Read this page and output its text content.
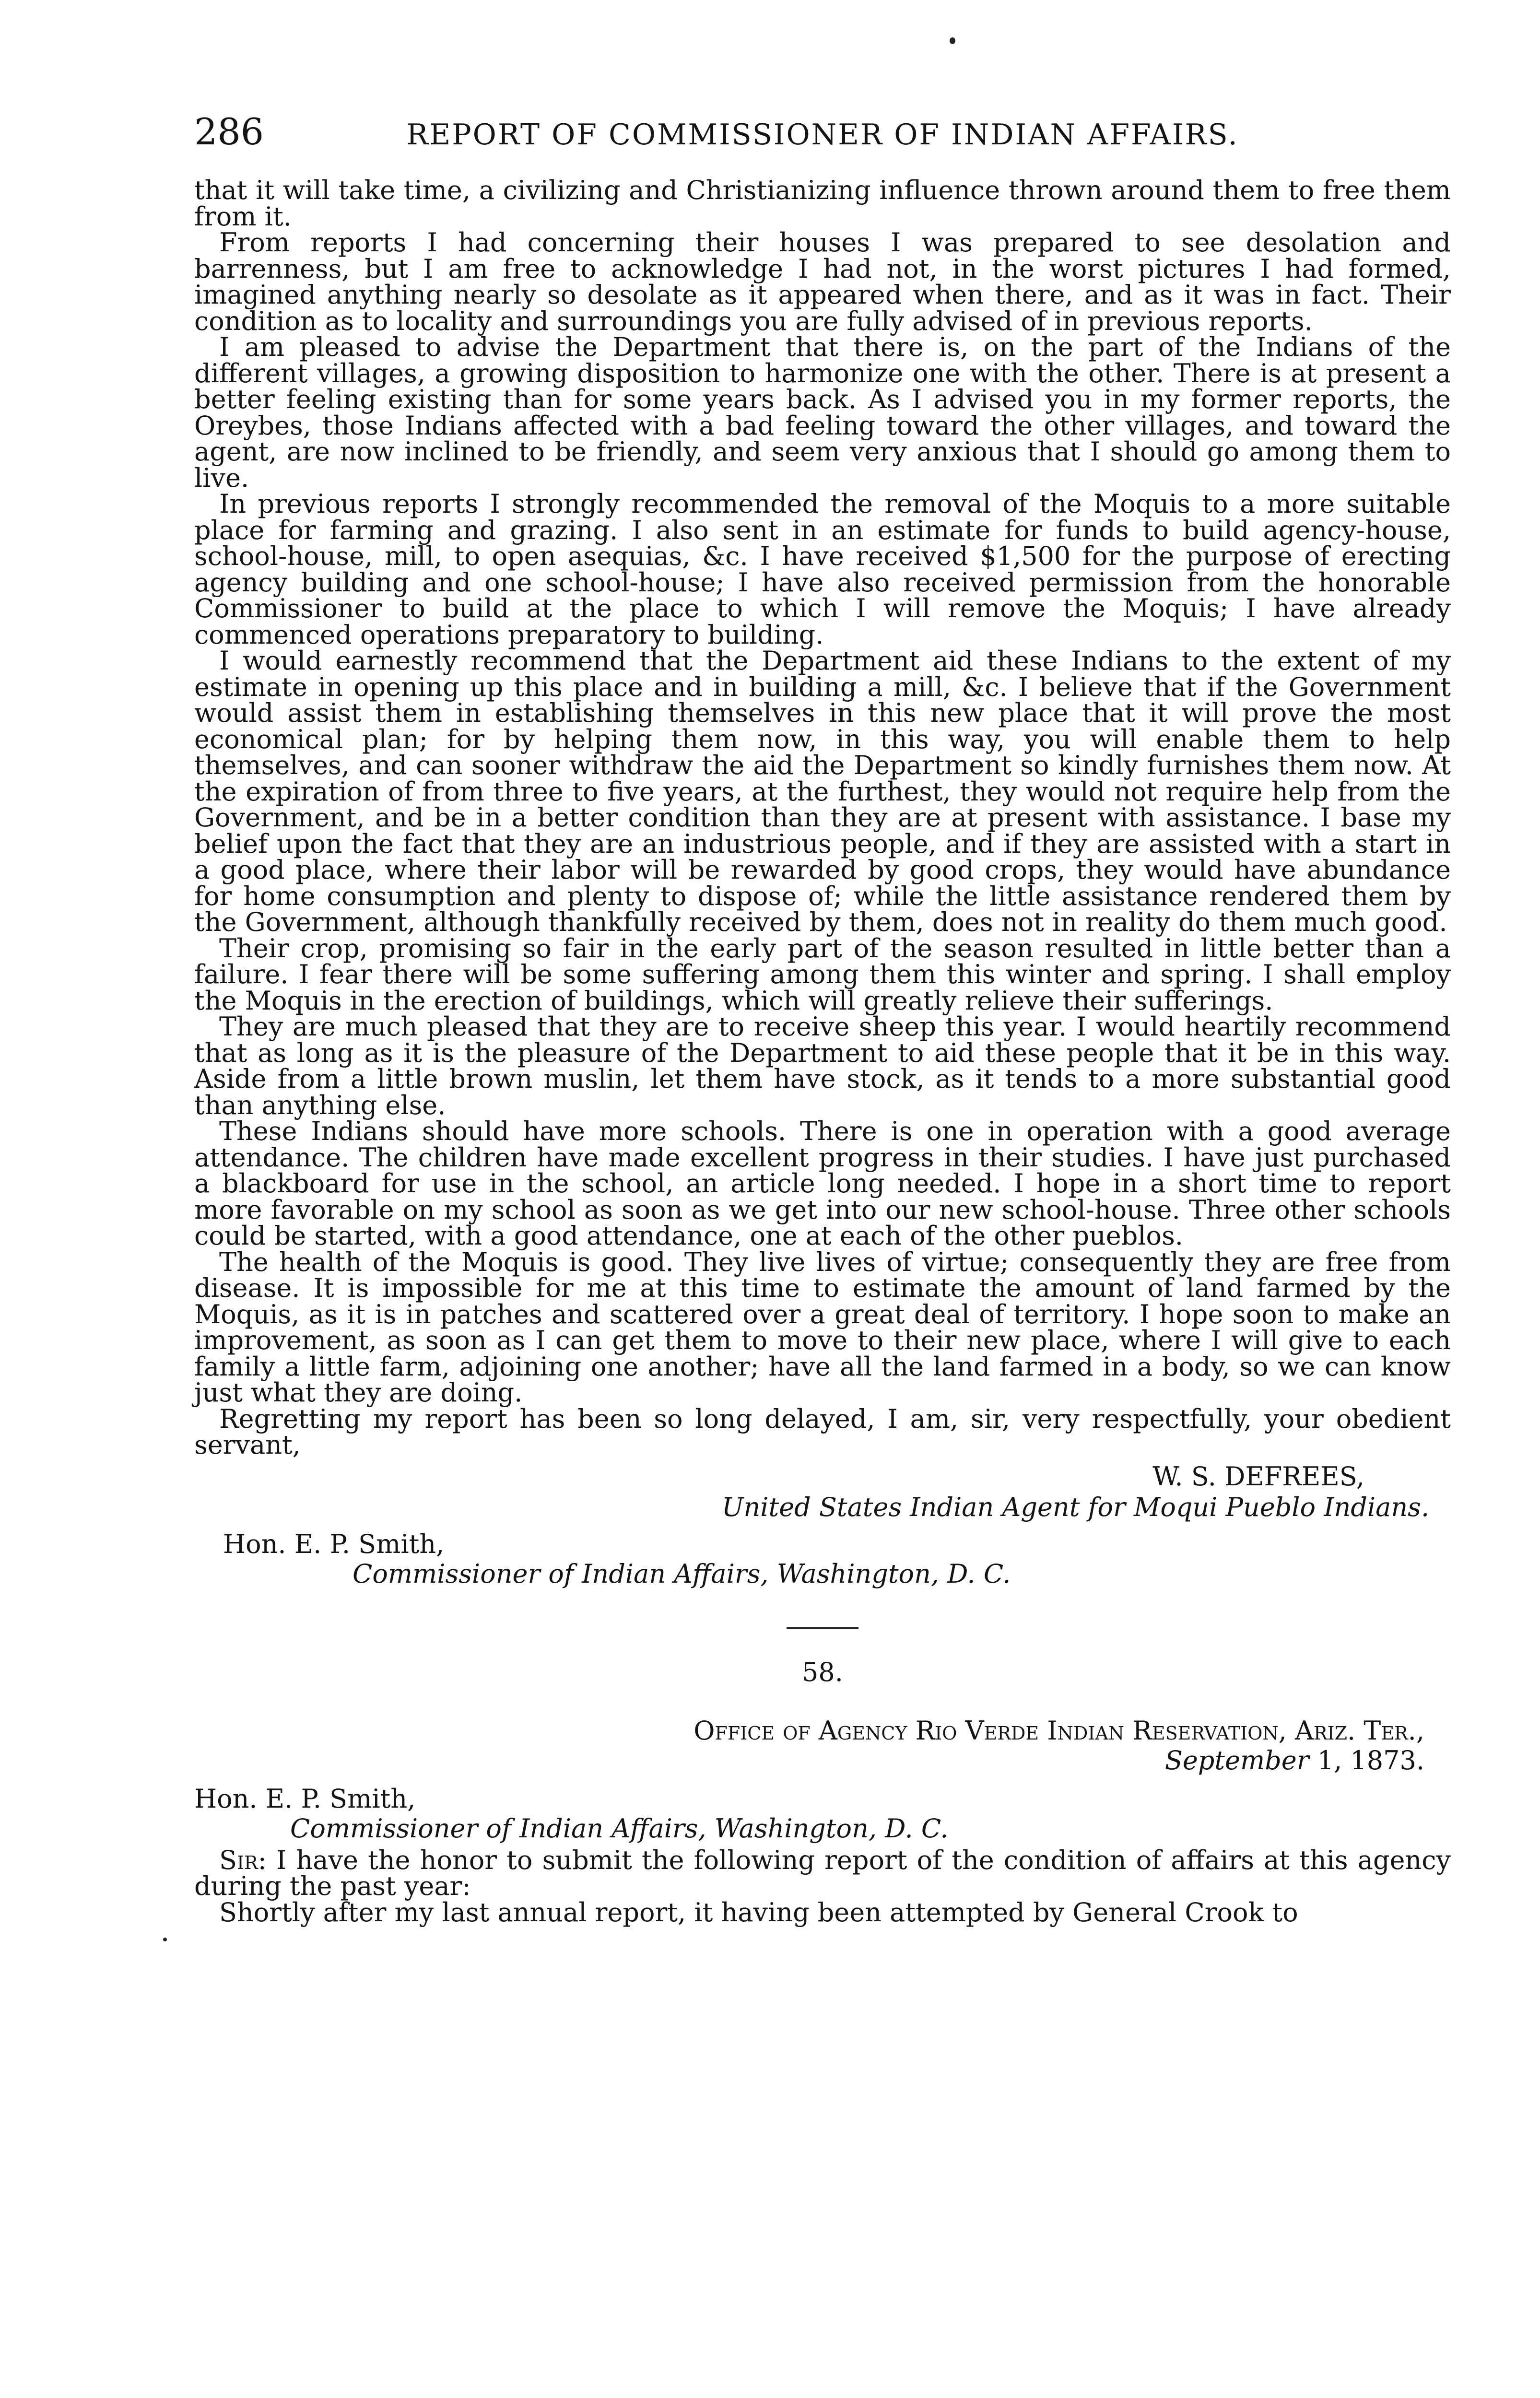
286	REPORT OF COMMISSIONER OF INDIAN AFFAIRS.

that it will take time, a civilizing and Christianizing influence thrown around them to free them from it.

From reports I had concerning their houses I was prepared to see desolation and barrenness, but I am free to acknowledge I had not, in the worst pictures I had formed, imagined anything nearly so desolate as it appeared when there, and as it was in fact. Their condition as to locality and surroundings you are fully advised of in previous reports.

I am pleased to advise the Department that there is, on the part of the Indians of the different villages, a growing disposition to harmonize one with the other. There is at present a better feeling existing than for some years back. As I advised you in my former reports, the Oreybes, those Indians affected with a bad feeling toward the other villages, and toward the agent, are now inclined to be friendly, and seem very anxious that I should go among them to live.

In previous reports I strongly recommended the removal of the Moquis to a more suitable place for farming and grazing. I also sent in an estimate for funds to build agency-house, school-house, mill, to open asequias, &c. I have received $1,500 for the purpose of erecting agency building and one school-house; I have also received permission from the honorable Commissioner to build at the place to which I will remove the Moquis; I have already commenced operations preparatory to building.

I would earnestly recommend that the Department aid these Indians to the extent of my estimate in opening up this place and in building a mill, &c. I believe that if the Government would assist them in establishing themselves in this new place that it will prove the most economical plan; for by helping them now, in this way, you will enable them to help themselves, and can sooner withdraw the aid the Department so kindly furnishes them now. At the expiration of from three to five years, at the furthest, they would not require help from the Government, and be in a better condition than they are at present with assistance. I base my belief upon the fact that they are an industrious people, and if they are assisted with a start in a good place, where their labor will be rewarded by good crops, they would have abundance for home consumption and plenty to dispose of; while the little assistance rendered them by the Government, although thankfully received by them, does not in reality do them much good.

Their crop, promising so fair in the early part of the season resulted in little better than a failure. I fear there will be some suffering among them this winter and spring. I shall employ the Moquis in the erection of buildings, which will greatly relieve their sufferings.

They are much pleased that they are to receive sheep this year. I would heartily recommend that as long as it is the pleasure of the Department to aid these people that it be in this way. Aside from a little brown muslin, let them have stock, as it tends to a more substantial good than anything else.

These Indians should have more schools. There is one in operation with a good average attendance. The children have made excellent progress in their studies. I have just purchased a blackboard for use in the school, an article long needed. I hope in a short time to report more favorable on my school as soon as we get into our new school-house. Three other schools could be started, with a good attendance, one at each of the other pueblos.

The health of the Moquis is good. They live lives of virtue; consequently they are free from disease. It is impossible for me at this time to estimate the amount of land farmed by the Moquis, as it is in patches and scattered over a great deal of territory. I hope soon to make an improvement, as soon as I can get them to move to their new place, where I will give to each family a little farm, adjoining one another; have all the land farmed in a body, so we can know just what they are doing.

Regretting my report has been so long delayed, I am, sir, very respectfully, your obedient servant,

W. S. DEFREES,
United States Indian Agent for Moqui Pueblo Indians.
Hon. E. P. Smith,
Commissioner of Indian Affairs, Washington, D. C.
58.
Office of Agency Rio Verde Indian Reservation, Ariz. Ter.,
September 1, 1873.
Hon. E. P. Smith,
Commissioner of Indian Affairs, Washington, D. C.

Sir: I have the honor to submit the following report of the condition of affairs at this agency during the past year:

Shortly after my last annual report, it having been attempted by General Crook to
